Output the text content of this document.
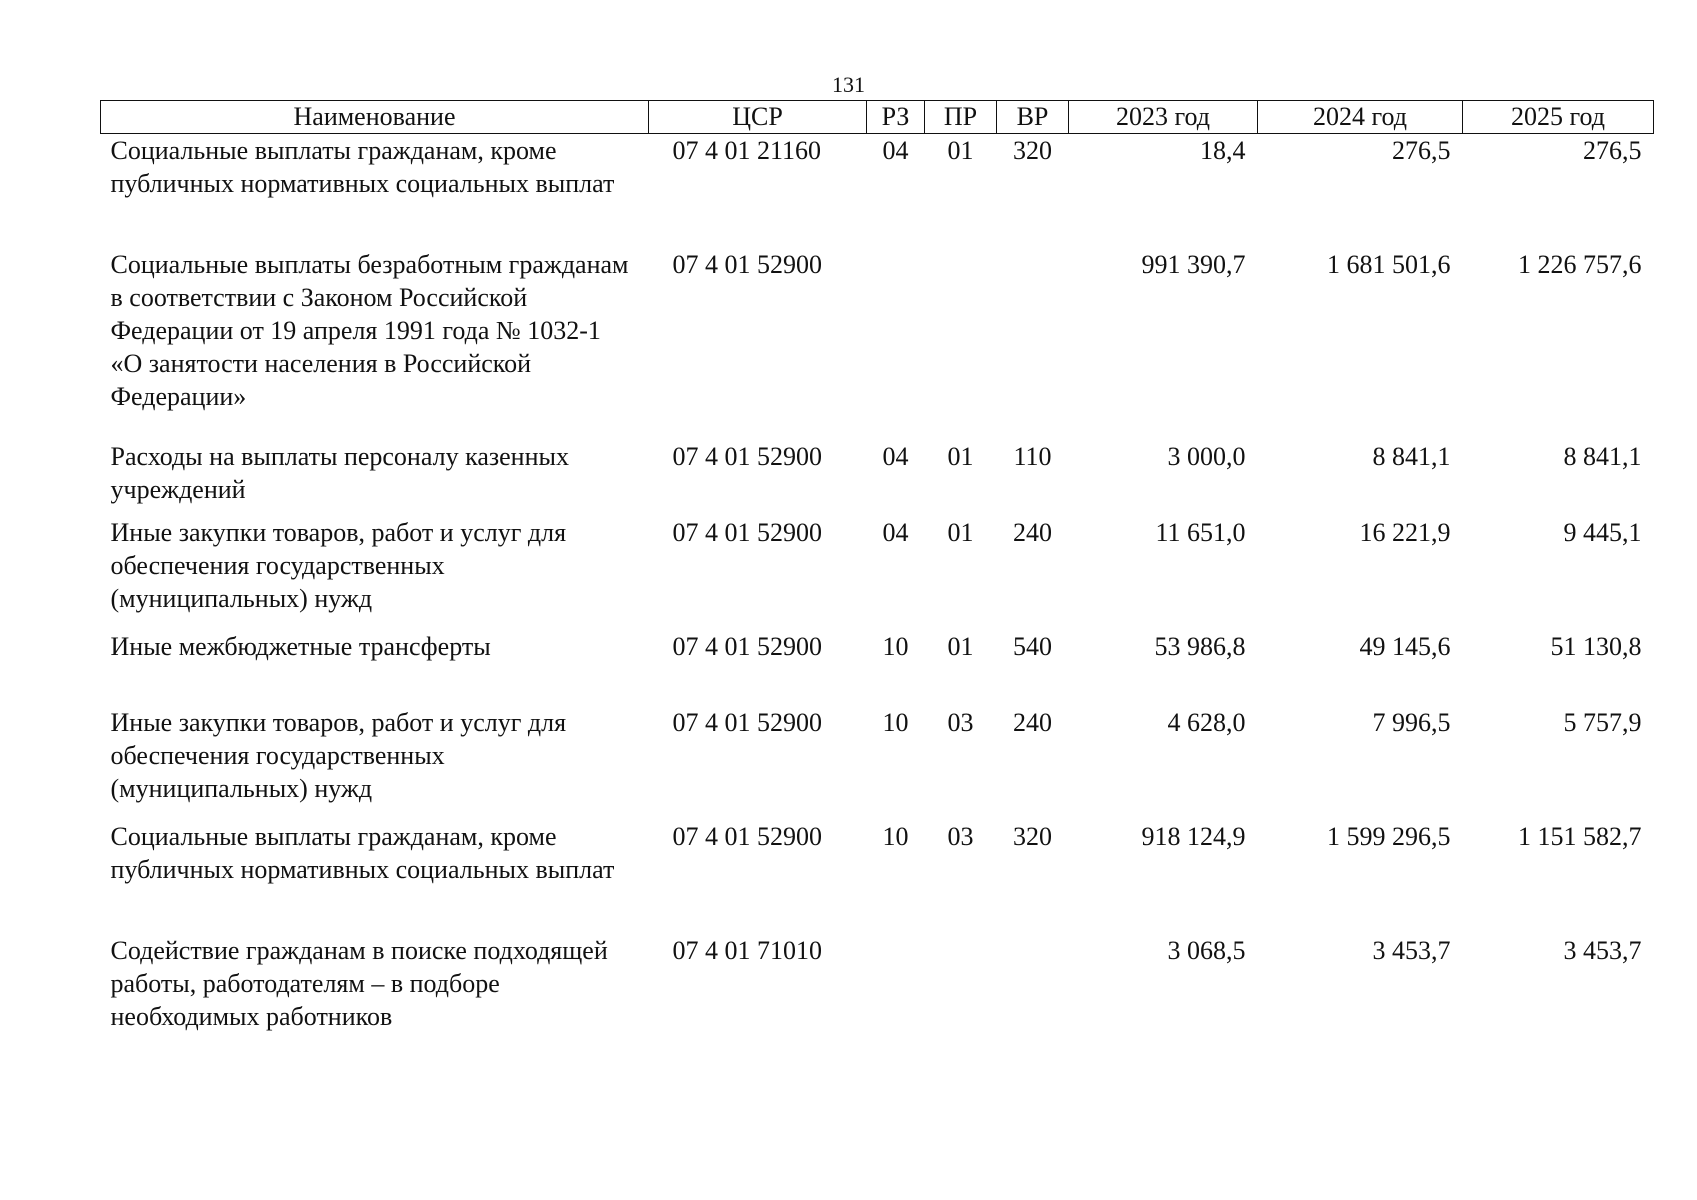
131
Наименование	ЦСР	РЗ	ПР	ВР	2023 год	2024 год	2025 год
Социальные выплаты гражданам, кроме публичных нормативных социальных выплат	07 4 01 21160	04	01	320	18,4	276,5	276,5
Социальные выплаты безработным гражданам в соответствии с Законом Российской Федерации от 19 апреля 1991 года № 1032-1 «О занятости населения в Российской Федерации»	07 4 01 52900				991 390,7	1 681 501,6	1 226 757,6
Расходы на выплаты персоналу казенных учреждений	07 4 01 52900	04	01	110	3 000,0	8 841,1	8 841,1
Иные закупки товаров, работ и услуг для обеспечения государственных (муниципальных) нужд	07 4 01 52900	04	01	240	11 651,0	16 221,9	9 445,1
Иные межбюджетные трансферты	07 4 01 52900	10	01	540	53 986,8	49 145,6	51 130,8
Иные закупки товаров, работ и услуг для обеспечения государственных (муниципальных) нужд	07 4 01 52900	10	03	240	4 628,0	7 996,5	5 757,9
Социальные выплаты гражданам, кроме публичных нормативных социальных выплат	07 4 01 52900	10	03	320	918 124,9	1 599 296,5	1 151 582,7
Содействие гражданам в поиске подходящей работы, работодателям – в подборе необходимых работников	07 4 01 71010				3 068,5	3 453,7	3 453,7
